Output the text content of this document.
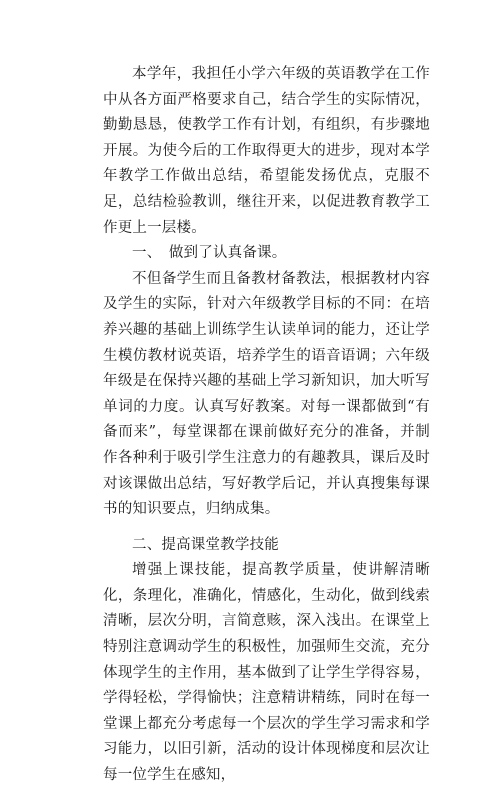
本学年，我担任小学六年级的英语教学在工作中从各方面严格要求自己，结合学生的实际情况，勤勤恳恳，使教学工作有计划，有组织，有步骤地开展。为使今后的工作取得更大的进步，现对本学年教学工作做出总结，希望能发扬优点，克服不足，总结检验教训，继往开来，以促进教育教学工作更上一层楼。

一、　做到了认真备课。

不但备学生而且备教材备教法，根据教材内容及学生的实际，针对六年级教学目标的不同：在培养兴趣的基础上训练学生认读单词的能力，还让学生模仿教材说英语，培养学生的语音语调；六年级年级是在保持兴趣的基础上学习新知识，加大听写单词的力度。认真写好教案。对每一课都做到“有备而来”，每堂课都在课前做好充分的准备，并制作各种利于吸引学生注意力的有趣教具，课后及时对该课做出总结，写好教学后记，并认真搜集每课书的知识要点，归纳成集。

二、提高课堂教学技能

增强上课技能，提高教学质量，使讲解清晰化，条理化，准确化，情感化，生动化，做到线索清晰，层次分明，言简意赅，深入浅出。在课堂上特别注意调动学生的积极性，加强师生交流，充分体现学生的主作用，基本做到了让学生学得容易，学得轻松，学得愉快；注意精讲精练，同时在每一堂课上都充分考虑每一个层次的学生学习需求和学习能力，以旧引新，活动的设计体现梯度和层次让每一位学生在感知，
